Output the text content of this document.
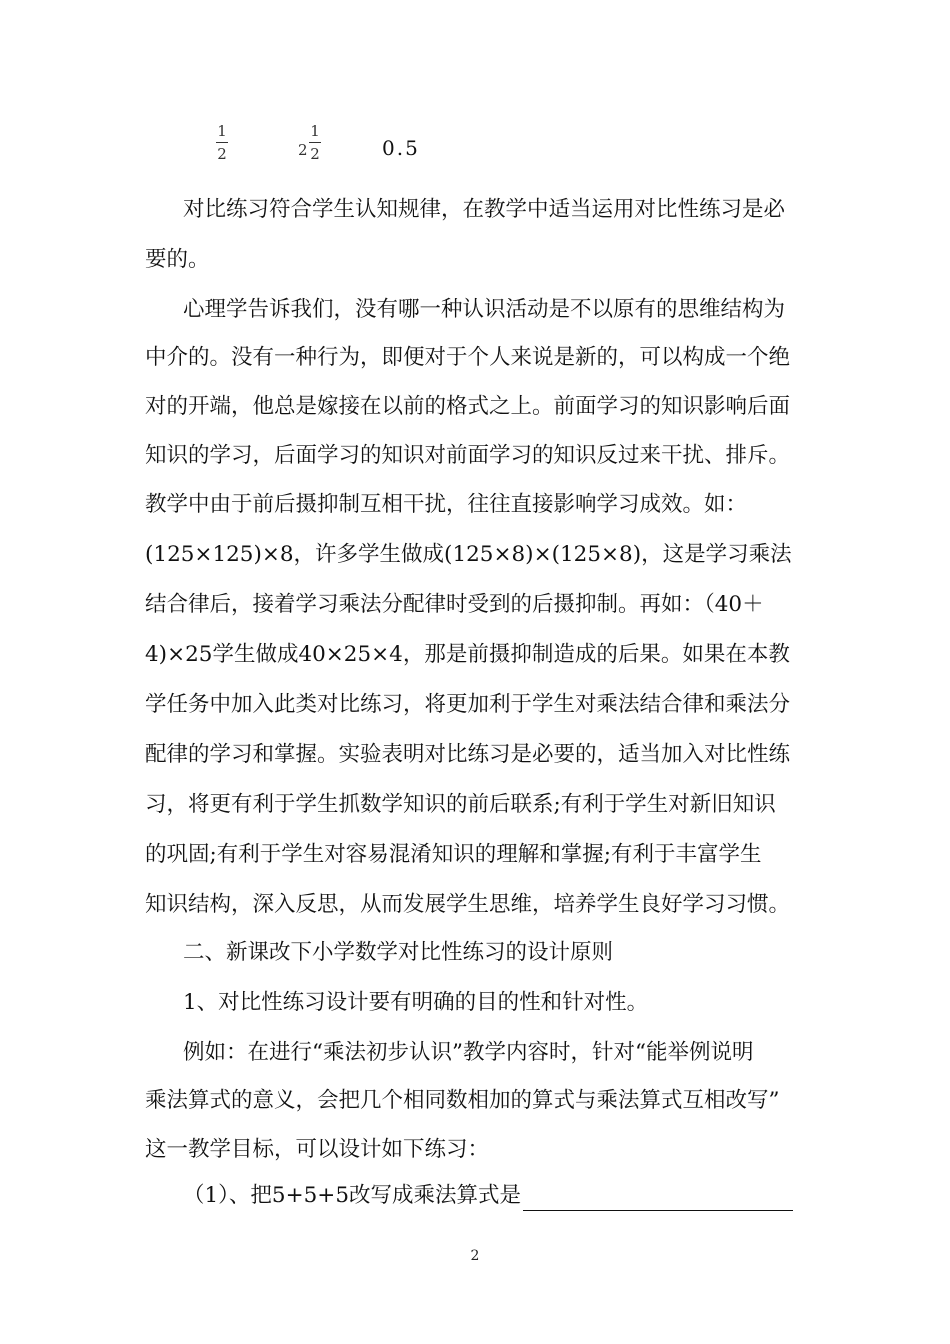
1
2	2
1
2	0.5
对比练习符合学生认知规律，在教学中适当运用对比性练习是必
要的。
心理学告诉我们，没有哪一种认识活动是不以原有的思维结构为
中介的。没有一种行为，即便对于个人来说是新的，可以构成一个绝
对的开端，他总是嫁接在以前的格式之上。前面学习的知识影响后面
知识的学习，后面学习的知识对前面学习的知识反过来干扰、排斥。
教学中由于前后摄抑制互相干扰，往往直接影响学习成效。如：
(125×125)×8，许多学生做成(125×8)×(125×8)，这是学习乘法
结合律后，接着学习乘法分配律时受到的后摄抑制。再如：（40＋
4)×25学生做成40×25×4，那是前摄抑制造成的后果。如果在本教
学任务中加入此类对比练习，将更加利于学生对乘法结合律和乘法分
配律的学习和掌握。实验表明对比练习是必要的，适当加入对比性练
习，将更有利于学生抓数学知识的前后联系;有利于学生对新旧知识
的巩固;有利于学生对容易混淆知识的理解和掌握;有利于丰富学生
知识结构，深入反思，从而发展学生思维，培养学生良好学习习惯。
二、新课改下小学数学对比性练习的设计原则
1、对比性练习设计要有明确的目的性和针对性。
例如：在进行“乘法初步认识”教学内容时，针对“能举例说明
乘法算式的意义，会把几个相同数相加的算式与乘法算式互相改写”
这一教学目标，可以设计如下练习：
（1）、把5+5+5改写成乘法算式是
2
